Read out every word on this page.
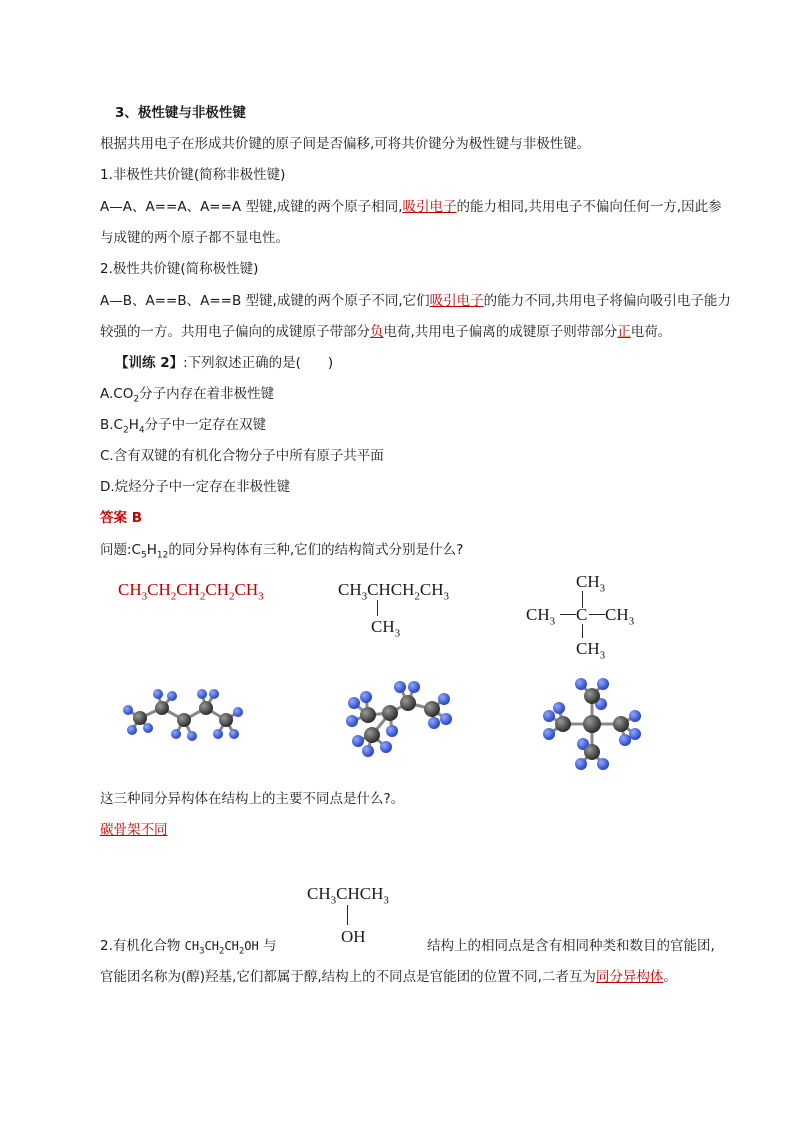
3、极性键与非极性键
根据共用电子在形成共价键的原子间是否偏移,可将共价键分为极性键与非极性键。
1.非极性共价键(简称非极性键)
A—A、A==A、A==A 型键,成键的两个原子相同,吸引电子的能力相同,共用电子不偏向任何一方,因此参
与成键的两个原子都不显电性。
2.极性共价键(简称极性键)
A—B、A==B、A==B 型键,成键的两个原子不同,它们吸引电子的能力不同,共用电子将偏向吸引电子能力
较强的一方。共用电子偏向的成键原子带部分负电荷,共用电子偏离的成键原子则带部分正电荷。
【训练 2】:下列叙述正确的是(　　)
$A.CO_2$分子内存在着非极性键
$B.C_2H_4$分子中一定存在双键
C.含有双键的有机化合物分子中所有原子共平面
D.烷烃分子中一定存在非极性键
答案 B
问题$:C_5H_{12}$的同分异构体有三种,它们的结构简式分别是什么?
$CH_3CH_2CH_2CH_2CH_3$	$CH_3CHCH_2CH_3$
$CH_3$
$CH_3$
$CH_3$ C $CH_3$
$CH_3$
这三种同分异构体在结构上的主要不同点是什么?。
碳骨架不同
$CH_3CHCH_3$
OH
2.有机化合物 $CH_3CH_2CH_2OH$ 与	结构上的相同点是含有相同种类和数目的官能团,
官能团名称为(醇)羟基,它们都属于醇,结构上的不同点是官能团的位置不同,二者互为同分异构体。
